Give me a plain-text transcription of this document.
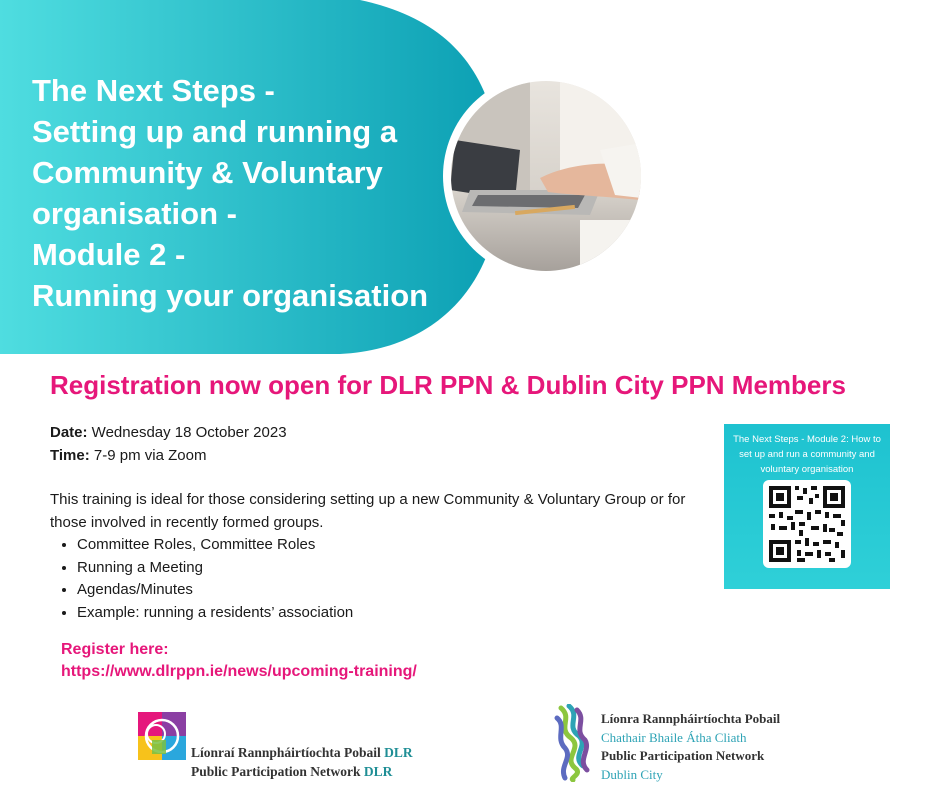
The Next Steps -
Setting up and running a
Community & Voluntary
organisation -
Module 2 -
Running your organisation
Registration now open for DLR PPN & Dublin City PPN Members
Date: Wednesday 18 October 2023
Time: 7-9 pm via Zoom
This training is ideal for those considering setting up a new Community & Voluntary Group or for those involved in recently formed groups.
• Committee Roles, Committee Roles
• Running a Meeting
• Agendas/Minutes
• Example: running a residents’ association
Register here:
https://www.dlrppn.ie/news/upcoming-training/
The Next Steps - Module 2: How to
set up and run a community and
voluntary organisation
Líonraí Rannpháirtíochta Pobail DLR
Public Participation Network DLR
Líonra Rannpháirtíochta Pobail
Chathair Bhaile Átha Cliath
Public Participation Network
Dublin City
